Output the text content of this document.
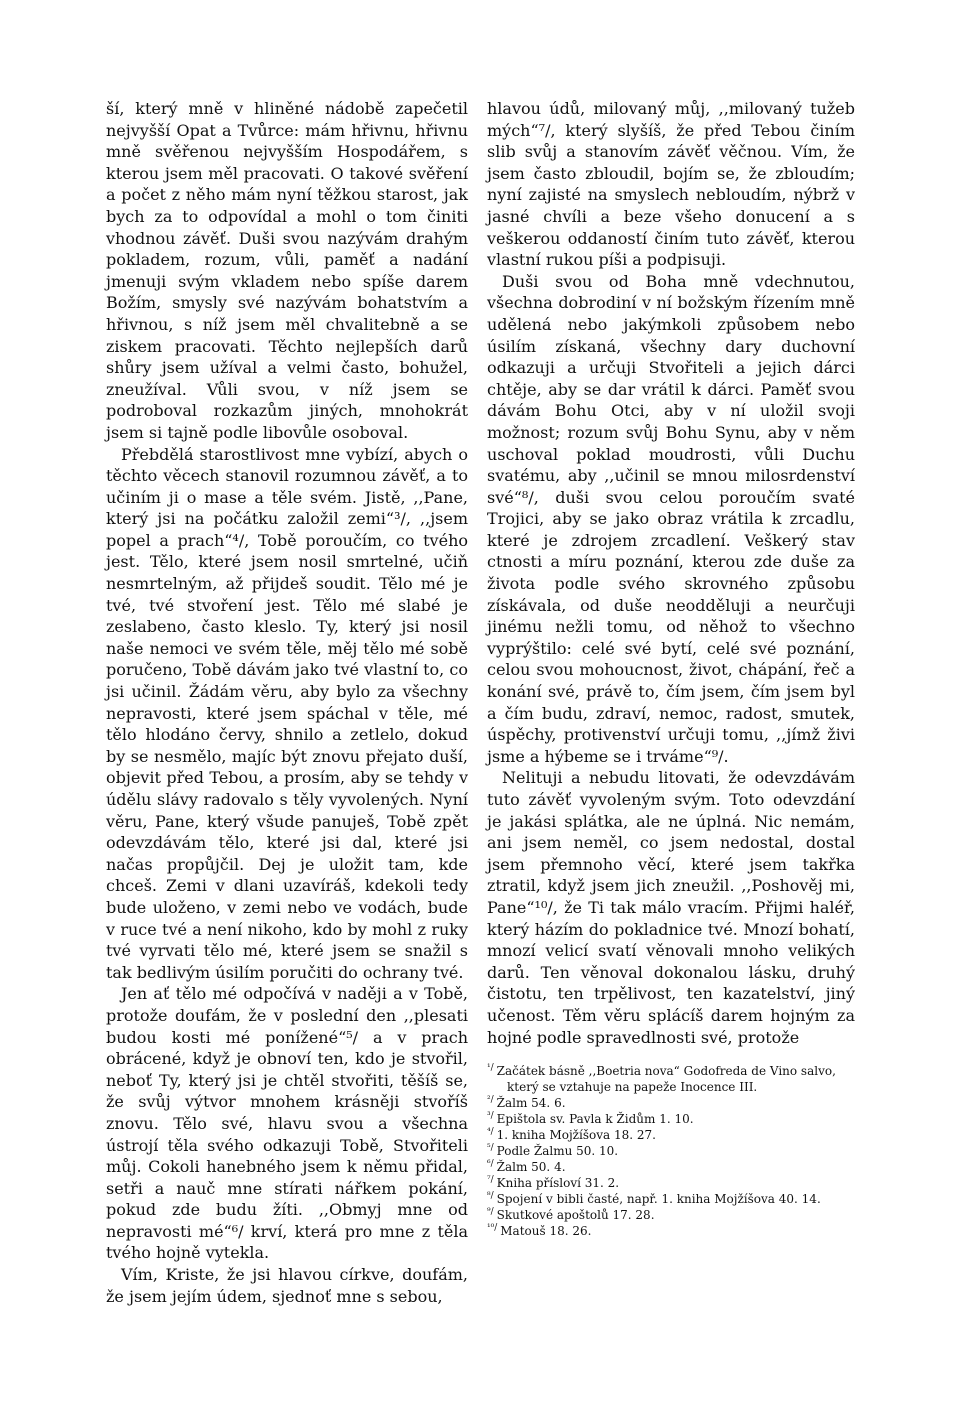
ší, který mně v hliněné nádobě zapečetil nejvyšší Opat a Tvůrce: mám hřivnu, hřivnu mně svěřenou nejvyšším Hospodářem, s kterou jsem měl pracovati. O takové svěření a počet z něho mám nyní těžkou starost, jak bych za to odpovídal a mohl o tom činiti vhodnou závěť. Duši svou nazývám drahým pokladem, rozum, vůli, paměť a nadání jmenuji svým vkladem nebo spíše darem Božím, smysly své nazývám bohatstvím a hřivnou, s níž jsem měl chvalitebně a se ziskem pracovati. Těchto nejlepších darů shůry jsem užíval a velmi často, bohužel, zneužíval. Vůli svou, v níž jsem se podroboval rozkazům jiných, mnohokrát jsem si tajně podle libovůle osoboval.

Přebdělá starostlivost mne vybízí, abych o těchto věcech stanovil rozumnou závěť, a to učiním ji o mase a těle svém. Jistě, ,,Pane, který jsi na počátku založil zemi“³/, ,,jsem popel a prach“⁴/, Tobě poroučím, co tvého jest. Tělo, které jsem nosil smrtelné, učiň nesmrtelným, až přijdeš soudit. Tělo mé je tvé, tvé stvoření jest. Tělo mé slabé je zeslabeno, často kleslo. Ty, který jsi nosil naše nemoci ve svém těle, měj tělo mé sobě poručeno, Tobě dávám jako tvé vlastní to, co jsi učinil. Žádám věru, aby bylo za všechny nepravosti, které jsem spáchal v těle, mé tělo hlodáno červy, shnilo a zetlelo, dokud by se nesmělo, majíc být znovu přejato duší, objevit před Tebou, a prosím, aby se tehdy v údělu slávy radovalo s těly vyvolených. Nyní věru, Pane, který všude panuješ, Tobě zpět odevzdávám tělo, které jsi dal, které jsi načas propůjčil. Dej je uložit tam, kde chceš. Zemi v dlani uzavíráš, kdekoli tedy bude uloženo, v zemi nebo ve vodách, bude v ruce tvé a není nikoho, kdo by mohl z ruky tvé vyrvati tělo mé, které jsem se snažil s tak bedlivým úsilím poručiti do ochrany tvé.

Jen ať tělo mé odpočívá v naději a v Tobě, protože doufám, že v poslední den ,,plesati budou kosti mé ponížené“⁵/ a v prach obrácené, když je obnoví ten, kdo je stvořil, neboť Ty, který jsi je chtěl stvořiti, těšíš se, že svůj výtvor mnohem krásněji stvoříš znovu. Tělo své, hlavu svou a všechna ústrojí těla svého odkazuji Tobě, Stvořiteli můj. Cokoli hanebného jsem k němu přidal, setři a nauč mne stírati nářkem pokání, pokud zde budu žíti. ,,Obmyj mne od nepravosti mé“⁶/ krví, která pro mne z těla tvého hojně vytekla.

Vím, Kriste, že jsi hlavou církve, doufám, že jsem jejím údem, sjednoť mne s sebou,

hlavou údů, milovaný můj, ,,milovaný tužeb mých“⁷/, který slyšíš, že před Tebou činím slib svůj a stanovím závěť věčnou. Vím, že jsem často zbloudil, bojím se, že zbloudím; nyní zajisté na smyslech nebloudím, nýbrž v jasné chvíli a beze všeho donucení a s veškerou oddaností činím tuto závěť, kterou vlastní rukou píši a podpisuji.

Duši svou od Boha mně vdechnutou, všechna dobrodiní v ní božským řízením mně udělená nebo jakýmkoli způsobem nebo úsilím získaná, všechny dary duchovní odkazuji a určuji Stvořiteli a jejich dárci chtěje, aby se dar vrátil k dárci. Paměť svou dávám Bohu Otci, aby v ní uložil svoji možnost; rozum svůj Bohu Synu, aby v něm uschoval poklad moudrosti, vůli Duchu svatému, aby ,,učinil se mnou milosrdenství své“⁸/, duši svou celou poroučím svaté Trojici, aby se jako obraz vrátila k zrcadlu, které je zdrojem zrcadlení. Veškerý stav ctnosti a míru poznání, kterou zde duše za života podle svého skrovného způsobu získávala, od duše neodděluji a neurčuji jinému nežli tomu, od něhož to všechno vyprýštilo: celé své bytí, celé své poznání, celou svou mohoucnost, život, chápání, řeč a konání své, právě to, čím jsem, čím jsem byl a čím budu, zdraví, nemoc, radost, smutek, úspěchy, protivenství určuji tomu, ,,jímž živi jsme a hýbeme se i trváme“⁹/.

Nelituji a nebudu litovati, že odevzdávám tuto závěť vyvoleným svým. Toto odevzdání je jakási splátka, ale ne úplná. Nic nemám, ani jsem neměl, co jsem nedostal, dostal jsem přemnoho věcí, které jsem takřka ztratil, když jsem jich zneužil. ,,Poshověj mi, Pane“¹⁰/, že Ti tak málo vracím. Přijmi haléř, který házím do pokladnice tvé. Mnozí bohatí, mnozí velicí svatí věnovali mnoho velikých darů. Ten věnoval dokonalou lásku, druhý čistotu, ten trpělivost, ten kazatelství, jiný učenost. Těm věru splácíš darem hojným za hojné podle spravedlnosti své, protože

$^{^1/}$ Začátek básně ,,Boetria nova“ Godofreda de Vino salvo, který se vztahuje na papeže Inocence III.

$^{^2/}$ Žalm 54. 6.

$^{^3/}$ Epištola sv. Pavla k Židům 1. 10.

$^{^4/}$ 1. kniha Mojžíšova 18. 27.

$^{^5/}$ Podle Žalmu 50. 10.

$^{^6/}$ Žalm 50. 4.

$^{^7/}$ Kniha přísloví 31. 2.

$^{^8/}$ Spojení v bibli časté, např. 1. kniha Mojžíšova 40. 14.

$^{^9/}$ Skutkové apoštolů 17. 28.

$^{^{10}/}$ Matouš 18. 26.
